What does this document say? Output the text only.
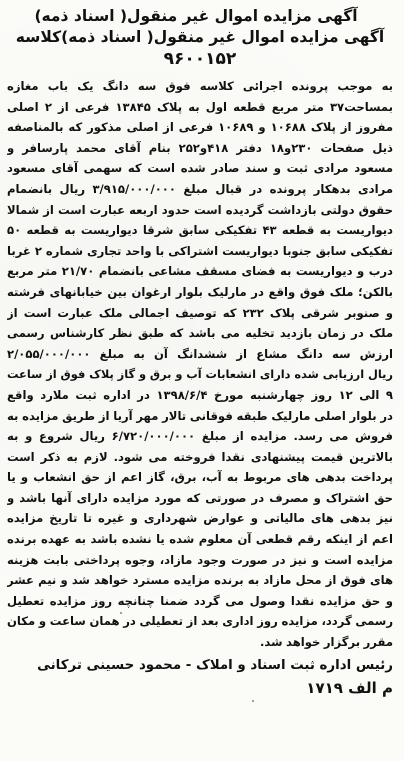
آگهی مزایده اموال غیر منقول( اسناد ذمه)
آگهی مزایده اموال غیر منقول( اسناد ذمه)کلاسه
۹۶۰۰۱۵۲
به موجب پرونده اجرائی کلاسه فوق سه دانگ یک باب مغازه
بمساحت۳۷ متر مربع قطعه اول به پلاک ۱۳۸۴۵ فرعی از ۲ اصلی
مفروز از پلاک ۱۰۶۸۸ و ۱۰۶۸۹ فرعی از اصلی مذکور که بالمناصفه
ذیل صفحات ۲۳۰و۱۸ دفتر ۴۱۸و۲۵۲ بنام آقای محمد پارسافر و
مسعود مرادی ثبت و سند صادر شده است که سهمی آقای مسعود
مرادی بدهکار پرونده در قبال مبلغ ۳/۹۱۵/۰۰۰/۰۰۰ ریال بانضمام
حقوق دولتی بازداشت گردیده است حدود اربعه عبارت است از شمالا
دیواریست به قطعه ۴۳ تفکیکی سابق شرقا دیواریست به قطعه ۵۰
تفکیکی سابق جنوبا دیواریست اشتراکی با واحد تجاری شماره ۲ غربا
درب و دیواریست به فضای مسقف مشاعی بانضمام ۲۱/۷۰ متر مربع
بالکن؛ ملک فوق واقع در مارلیک بلوار ارغوان بین خیابانهای فرشته
و صنوبر شرقی پلاک ۲۳۲ که توصیف اجمالی ملک عبارت است از
ملک در زمان بازدید تخلیه می باشد که طبق نظر کارشناس رسمی
ارزش سه دانگ مشاع از ششدانگ آن به مبلغ ۲/۰۵۵/۰۰۰/۰۰۰
ریال ارزیابی شده دارای انشعابات آب و برق و گاز پلاک فوق از ساعت
۹ الی ۱۲ روز چهارشنبه مورخ ۱۳۹۸/۶/۴ در اداره ثبت ملارد واقع
در بلوار اصلی مارلیک طبقه فوقانی تالار مهر آریا از طریق مزایده به
فروش می رسد. مزایده از مبلغ ۶/۷۲۰/۰۰۰/۰۰۰ ریال شروع و به
بالاترین قیمت پیشنهادی نقدا فروخته می شود. لازم به ذکر است
پرداخت بدهی های مربوط به آب، برق، گاز اعم از حق انشعاب و یا
حق اشتراک و مصرف در صورتی که مورد مزایده دارای آنها باشد و
نیز بدهی های مالیاتی و عوارض شهرداری و غیره تا تاریخ مزایده
اعم از اینکه رقم قطعی آن معلوم شده یا نشده باشد به عهده برنده
مزایده است و نیز در صورت وجود مازاد، وجوه پرداختی بابت هزینه
های فوق از محل مازاد به برنده مزایده مسترد خواهد شد و نیم عشر
و حق مزایده نقدا وصول می گردد ضمنا چنانچه روز مزایده تعطیل
رسمی گردد، مزایده روز اداری بعد از تعطیلی در همان ساعت و مکان
مقرر برگزار خواهد شد.
رئیس اداره ثبت اسناد و املاک - محمود حسینی ترکانی
م الف ۱۷۱۹
